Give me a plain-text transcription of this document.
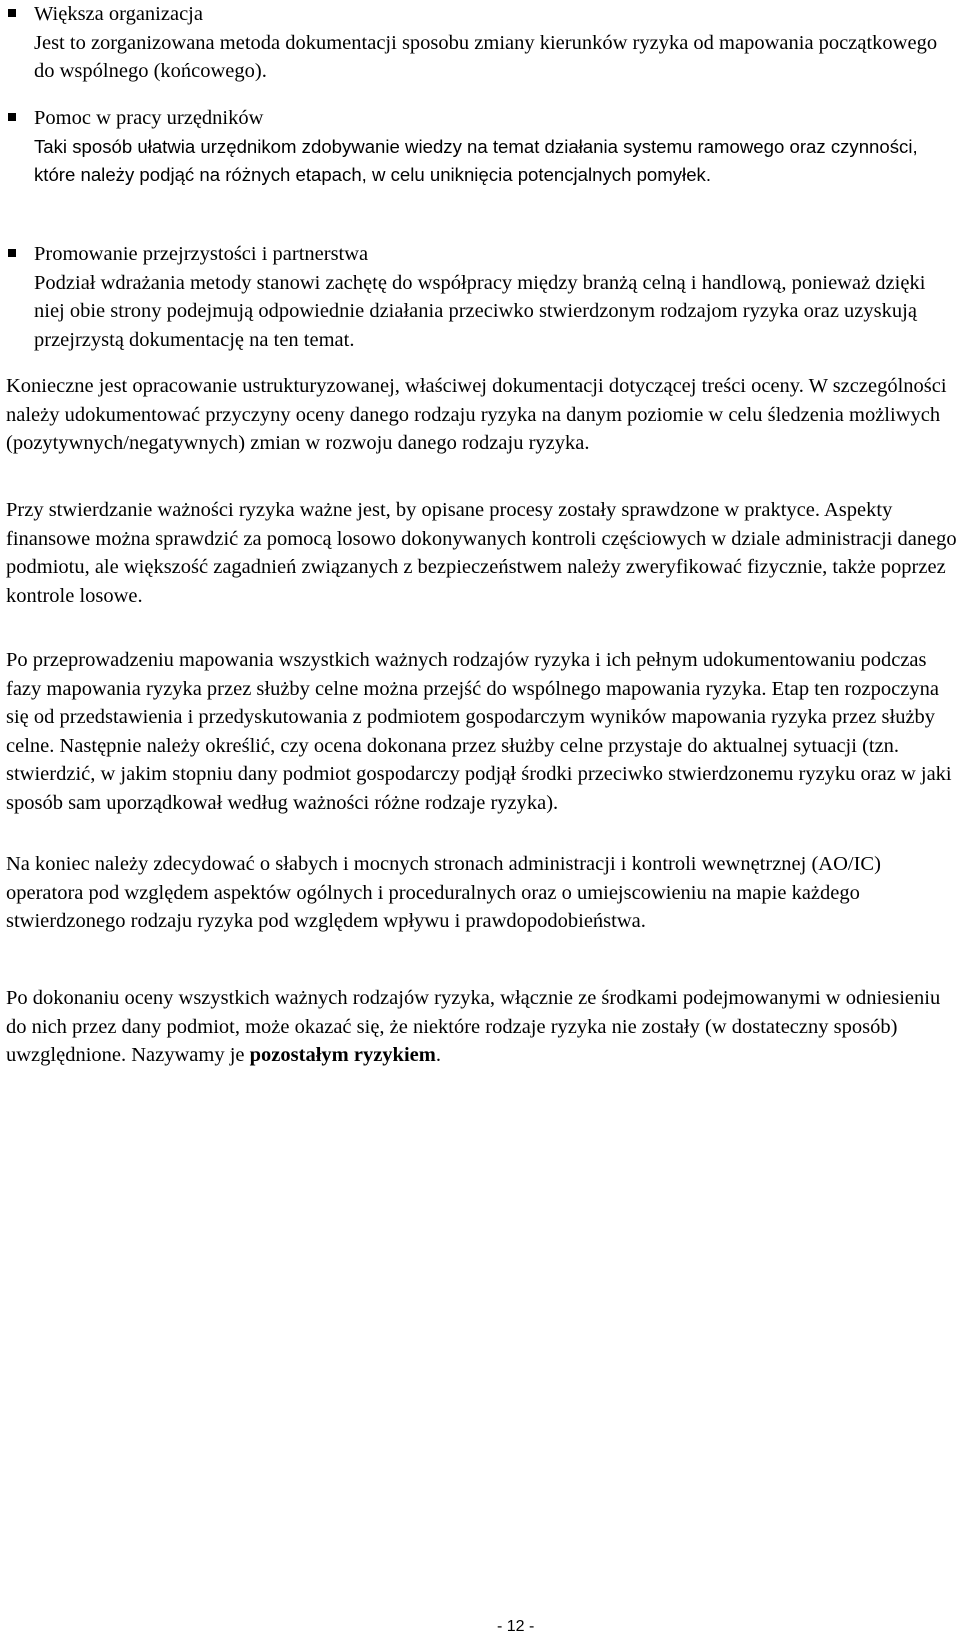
Większa organizacja
Jest to zorganizowana metoda dokumentacji sposobu zmiany kierunków ryzyka od mapowania początkowego do wspólnego (końcowego).
Pomoc w pracy urzędników
Taki sposób ułatwia urzędnikom zdobywanie wiedzy na temat działania systemu ramowego oraz czynności, które należy podjąć na różnych etapach, w celu uniknięcia potencjalnych pomyłek.
Promowanie przejrzystości i partnerstwa
Podział wdrażania metody stanowi zachętę do współpracy między branżą celną i handlową, ponieważ dzięki niej obie strony podejmują odpowiednie działania przeciwko stwierdzonym rodzajom ryzyka oraz uzyskują przejrzystą dokumentację na ten temat.

Konieczne jest opracowanie ustrukturyzowanej, właściwej dokumentacji dotyczącej treści oceny. W szczególności należy udokumentować przyczyny oceny danego rodzaju ryzyka na danym poziomie w celu śledzenia możliwych (pozytywnych/negatywnych) zmian w rozwoju danego rodzaju ryzyka.

Przy stwierdzanie ważności ryzyka ważne jest, by opisane procesy zostały sprawdzone w praktyce. Aspekty finansowe można sprawdzić za pomocą losowo dokonywanych kontroli częściowych w dziale administracji danego podmiotu, ale większość zagadnień związanych z bezpieczeństwem należy zweryfikować fizycznie, także poprzez kontrole losowe.

Po przeprowadzeniu mapowania wszystkich ważnych rodzajów ryzyka i ich pełnym udokumentowaniu podczas fazy mapowania ryzyka przez służby celne można przejść do wspólnego mapowania ryzyka. Etap ten rozpoczyna się od przedstawienia i przedyskutowania z podmiotem gospodarczym wyników mapowania ryzyka przez służby celne. Następnie należy określić, czy ocena dokonana przez służby celne przystaje do aktualnej sytuacji (tzn. stwierdzić, w jakim stopniu dany podmiot gospodarczy podjął środki przeciwko stwierdzonemu ryzyku oraz w jaki sposób sam uporządkował według ważności różne rodzaje ryzyka).

Na koniec należy zdecydować o słabych i mocnych stronach administracji i kontroli wewnętrznej (AO/IC) operatora pod względem aspektów ogólnych i proceduralnych oraz o umiejscowieniu na mapie każdego stwierdzonego rodzaju ryzyka pod względem wpływu i prawdopodobieństwa.

Po dokonaniu oceny wszystkich ważnych rodzajów ryzyka, włącznie ze środkami podejmowanymi w odniesieniu do nich przez dany podmiot, może okazać się, że niektóre rodzaje ryzyka nie zostały (w dostateczny sposób) uwzględnione. Nazywamy je pozostałym ryzykiem.

- 12 -
